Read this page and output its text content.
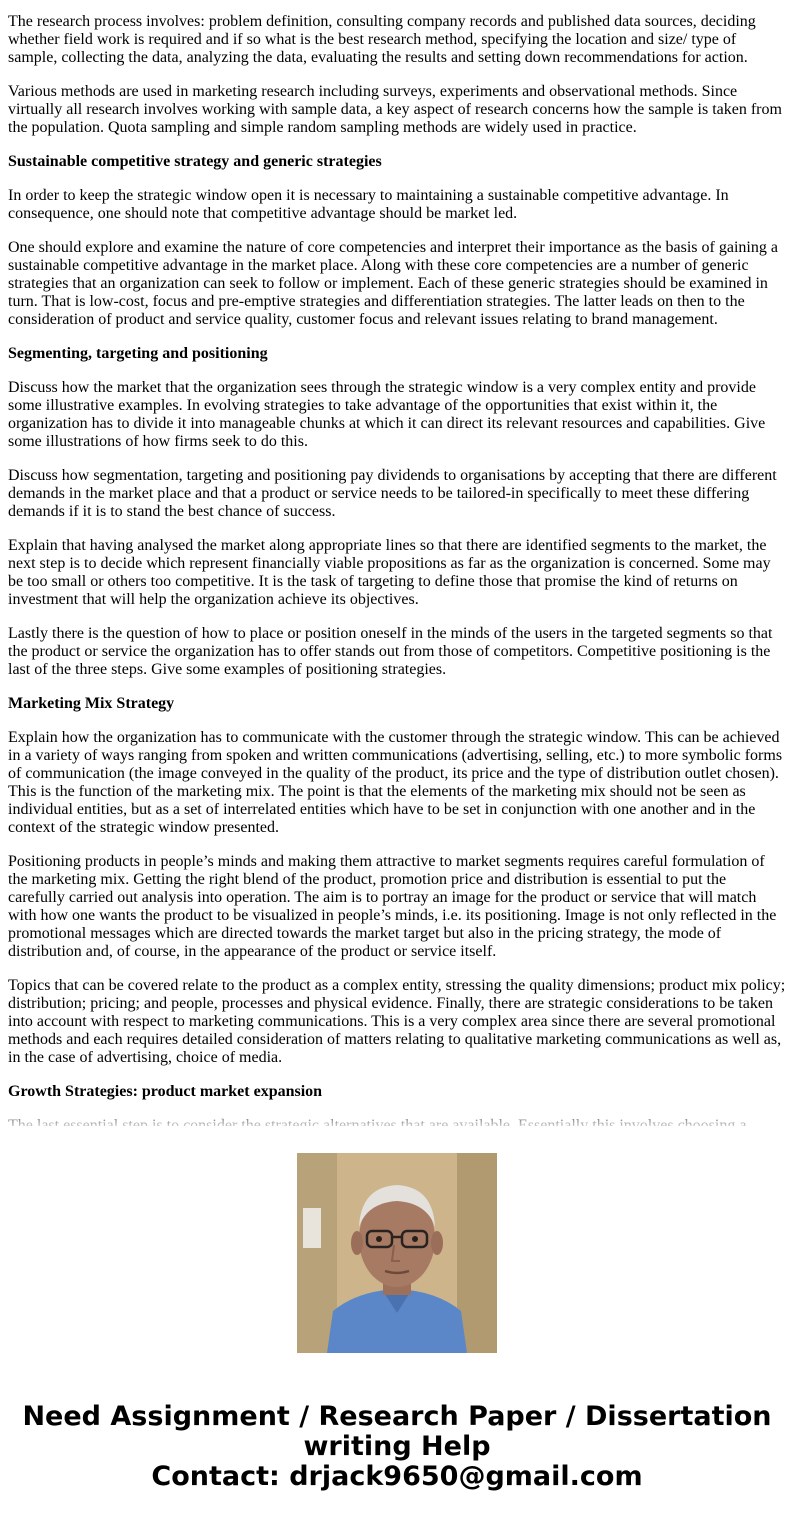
The research process involves: problem definition, consulting company records and published data sources, deciding whether field work is required and if so what is the best research method, specifying the location and size/ type of sample, collecting the data, analyzing the data, evaluating the results and setting down recommendations for action.

Various methods are used in marketing research including surveys, experiments and observational methods. Since virtually all research involves working with sample data, a key aspect of research concerns how the sample is taken from the population. Quota sampling and simple random sampling methods are widely used in practice.

Sustainable competitive strategy and generic strategies

In order to keep the strategic window open it is necessary to maintaining a sustainable competitive advantage. In consequence, one should note that competitive advantage should be market led.

One should explore and examine the nature of core competencies and interpret their importance as the basis of gaining a sustainable competitive advantage in the market place. Along with these core competencies are a number of generic strategies that an organization can seek to follow or implement. Each of these generic strategies should be examined in turn. That is low-cost, focus and pre-emptive strategies and differentiation strategies. The latter leads on then to the consideration of product and service quality, customer focus and relevant issues relating to brand management.

Segmenting, targeting and positioning

Discuss how the market that the organization sees through the strategic window is a very complex entity and provide some illustrative examples. In evolving strategies to take advantage of the opportunities that exist within it, the organization has to divide it into manageable chunks at which it can direct its relevant resources and capabilities. Give some illustrations of how firms seek to do this.

Discuss how segmentation, targeting and positioning pay dividends to organisations by accepting that there are different demands in the market place and that a product or service needs to be tailored-in specifically to meet these differing demands if it is to stand the best chance of success.

Explain that having analysed the market along appropriate lines so that there are identified segments to the market, the next step is to decide which represent financially viable propositions as far as the organization is concerned. Some may be too small or others too competitive. It is the task of targeting to define those that promise the kind of returns on investment that will help the organization achieve its objectives.

Lastly there is the question of how to place or position oneself in the minds of the users in the targeted segments so that the product or service the organization has to offer stands out from those of competitors. Competitive positioning is the last of the three steps. Give some examples of positioning strategies.

Marketing Mix Strategy

Explain how the organization has to communicate with the customer through the strategic window. This can be achieved in a variety of ways ranging from spoken and written communications (advertising, selling, etc.) to more symbolic forms of communication (the image conveyed in the quality of the product, its price and the type of distribution outlet chosen). This is the function of the marketing mix. The point is that the elements of the marketing mix should not be seen as individual entities, but as a set of interrelated entities which have to be set in conjunction with one another and in the context of the strategic window presented.

Positioning products in people’s minds and making them attractive to market segments requires careful formulation of the marketing mix. Getting the right blend of the product, promotion price and distribution is essential to put the carefully carried out analysis into operation. The aim is to portray an image for the product or service that will match with how one wants the product to be visualized in people’s minds, i.e. its positioning. Image is not only reflected in the promotional messages which are directed towards the market target but also in the pricing strategy, the mode of distribution and, of course, in the appearance of the product or service itself.

Topics that can be covered relate to the product as a complex entity, stressing the quality dimensions; product mix policy; distribution; pricing; and people, processes and physical evidence. Finally, there are strategic considerations to be taken into account with respect to marketing communications. This is a very complex area since there are several promotional methods and each requires detailed consideration of matters relating to qualitative marketing communications as well as, in the case of advertising, choice of media.

Growth Strategies: product market expansion

Need Assignment / Research Paper / Dissertation
writing Help
Contact: drjack9650@gmail.com
